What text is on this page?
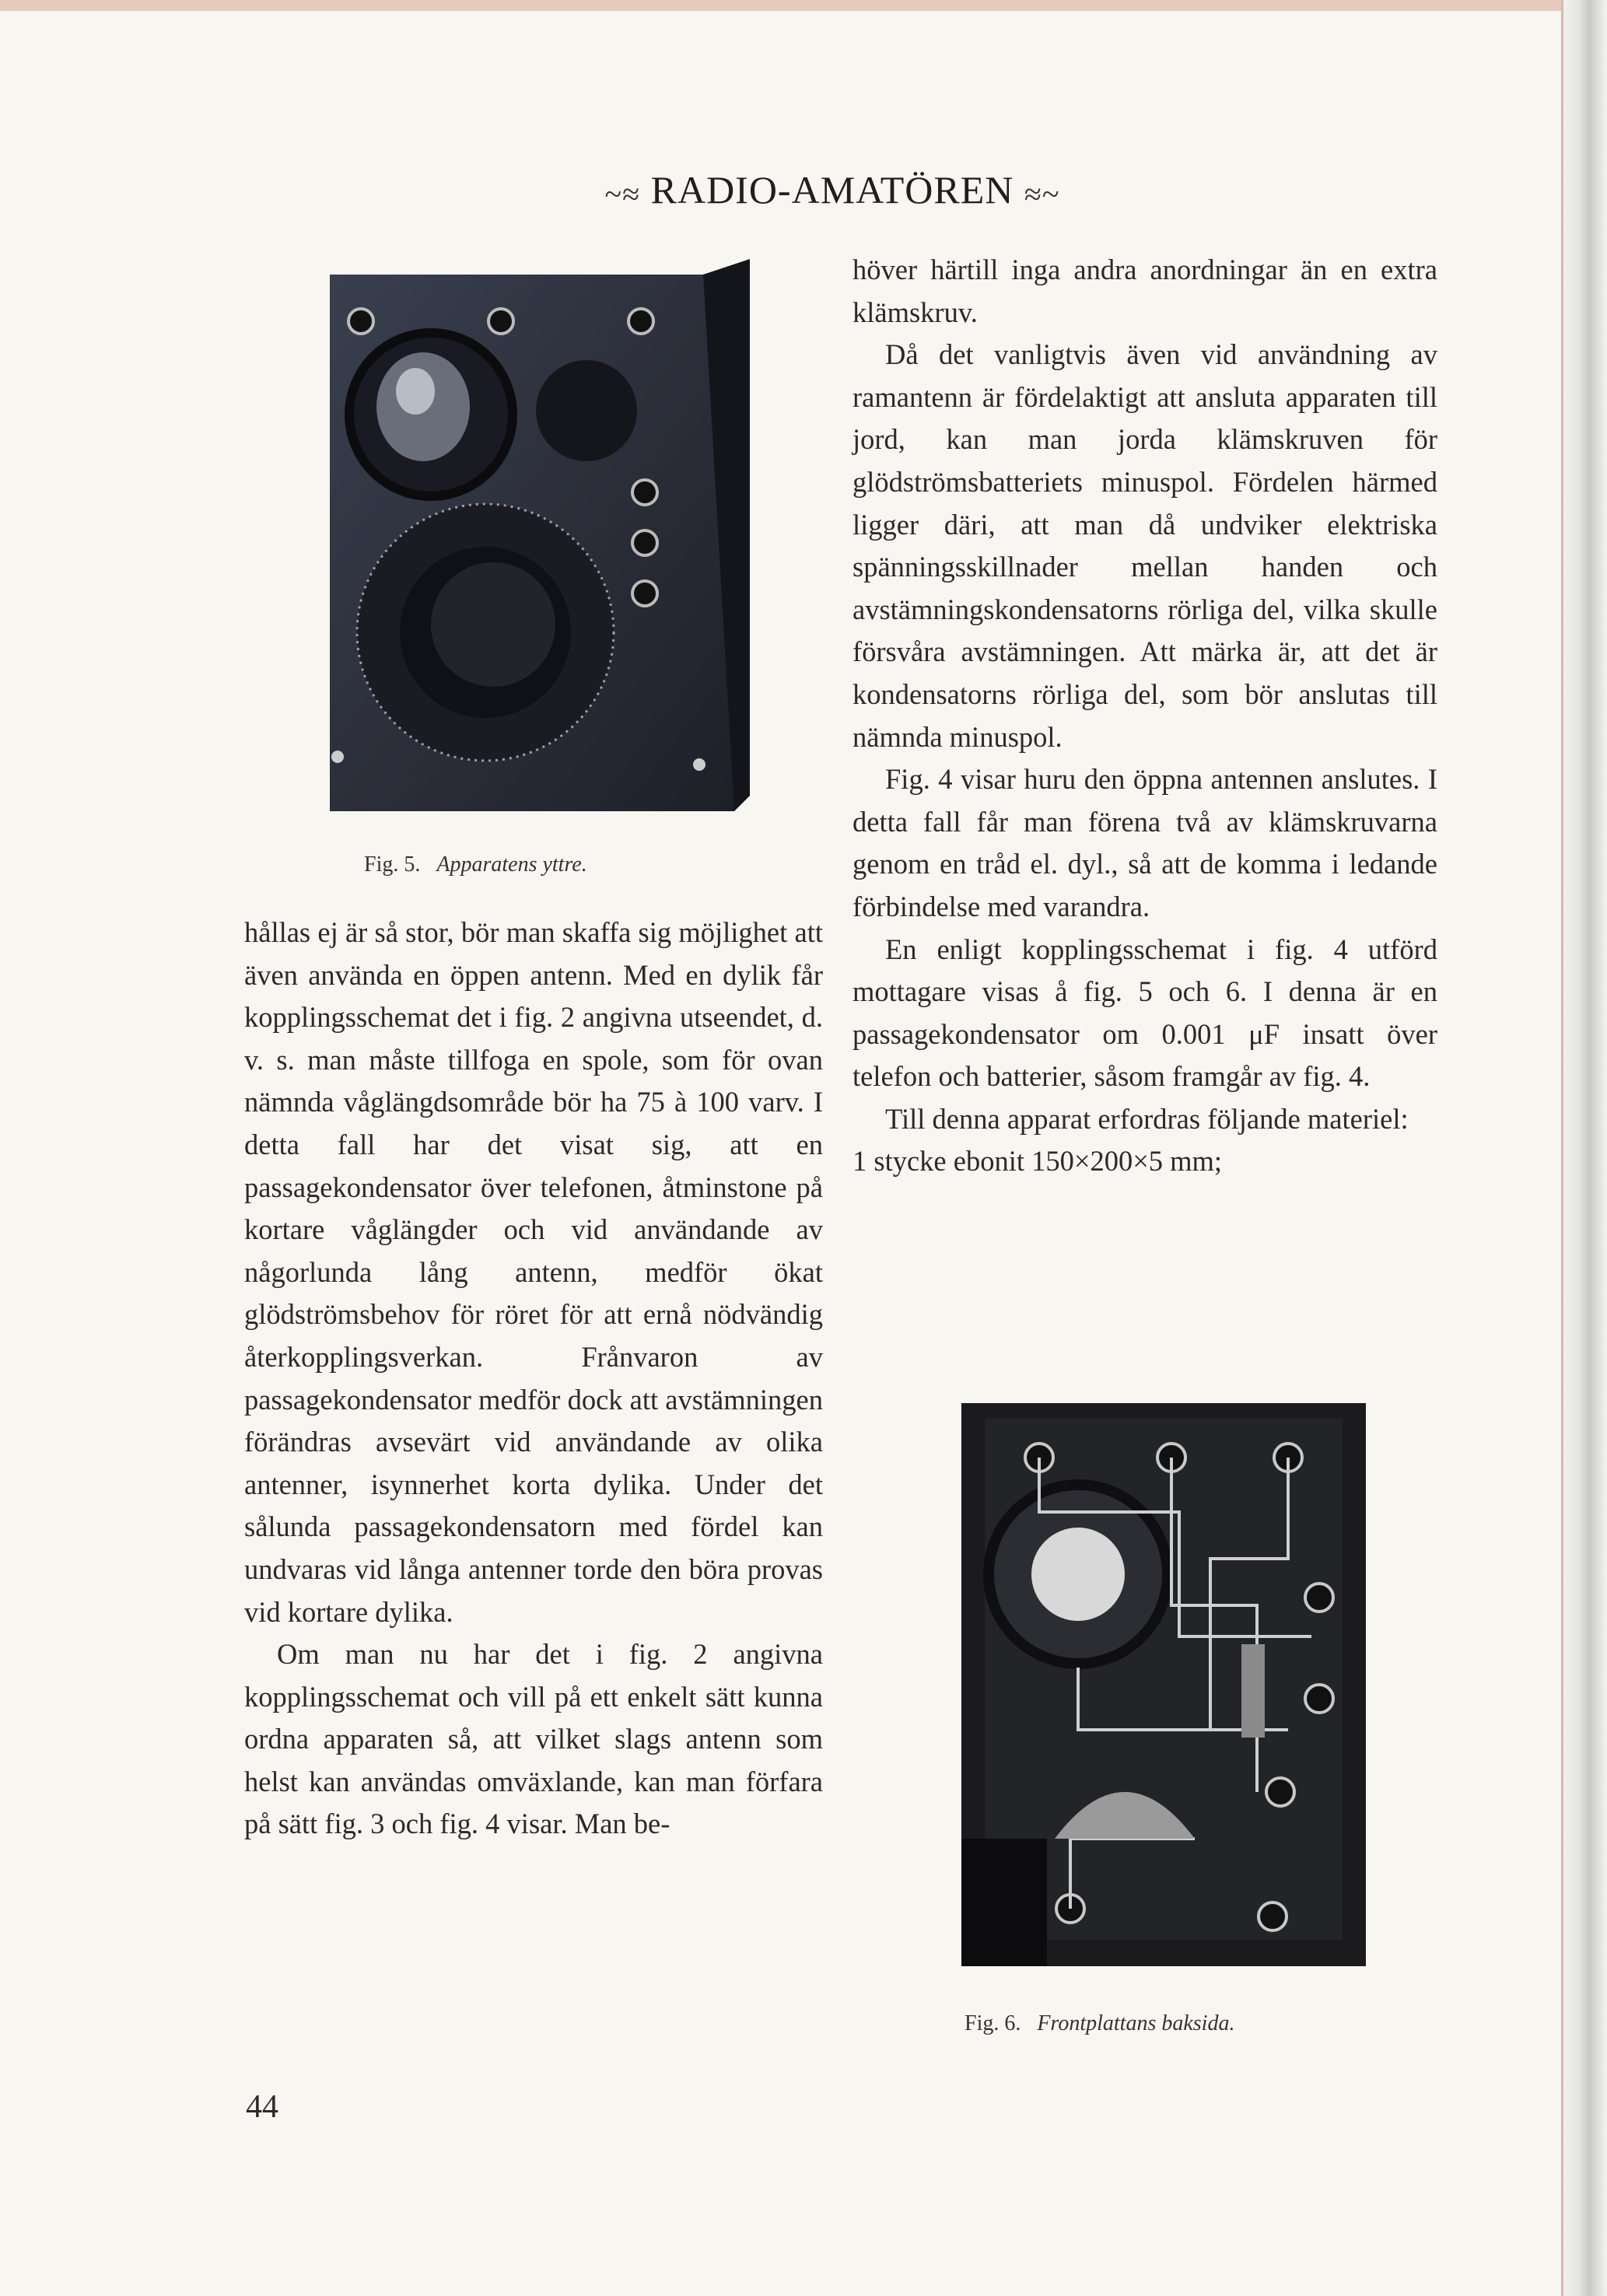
~≈ RADIO-AMATÖREN ≈~
Fig. 5. Apparatens yttre.

hållas ej är så stor, bör man skaffa sig möjlighet att även använda en öppen antenn. Med en dylik får kopplingsschemat det i fig. 2 angivna utseendet, d. v. s. man måste tillfoga en spole, som för ovan nämnda våglängdsområde bör ha 75 à 100 varv. I detta fall har det visat sig, att en passagekondensator över telefonen, åtminstone på kortare våglängder och vid användande av någorlunda lång antenn, medför ökat glödströmsbehov för röret för att ernå nödvändig återkopplingsverkan. Frånvaron av passagekondensator medför dock att avstämningen förändras avsevärt vid användande av olika antenner, isynnerhet korta dylika. Under det sålunda passagekondensatorn med fördel kan undvaras vid långa antenner torde den böra provas vid kortare dylika.

Om man nu har det i fig. 2 angivna kopplingsschemat och vill på ett enkelt sätt kunna ordna apparaten så, att vilket slags antenn som helst kan användas omväxlande, kan man förfara på sätt fig. 3 och fig. 4 visar. Man be-

höver härtill inga andra anordningar än en extra klämskruv.

Då det vanligtvis även vid användning av ramantenn är fördelaktigt att ansluta apparaten till jord, kan man jorda klämskruven för glödströmsbatteriets minuspol. Fördelen härmed ligger däri, att man då undviker elektriska spänningsskillnader mellan handen och avstämningskondensatorns rörliga del, vilka skulle försvåra avstämningen. Att märka är, att det är kondensatorns rörliga del, som bör anslutas till nämnda minuspol.

Fig. 4 visar huru den öppna antennen anslutes. I detta fall får man förena två av klämskruvarna genom en tråd el. dyl., så att de komma i ledande förbindelse med varandra.

En enligt kopplingsschemat i fig. 4 utförd mottagare visas å fig. 5 och 6. I denna är en passagekondensator om 0.001 μF insatt över telefon och batterier, såsom framgår av fig. 4.

Till denna apparat erfordras följande materiel:

1 stycke ebonit 150×200×5 mm;

Fig. 6. Frontplattans baksida.
44
